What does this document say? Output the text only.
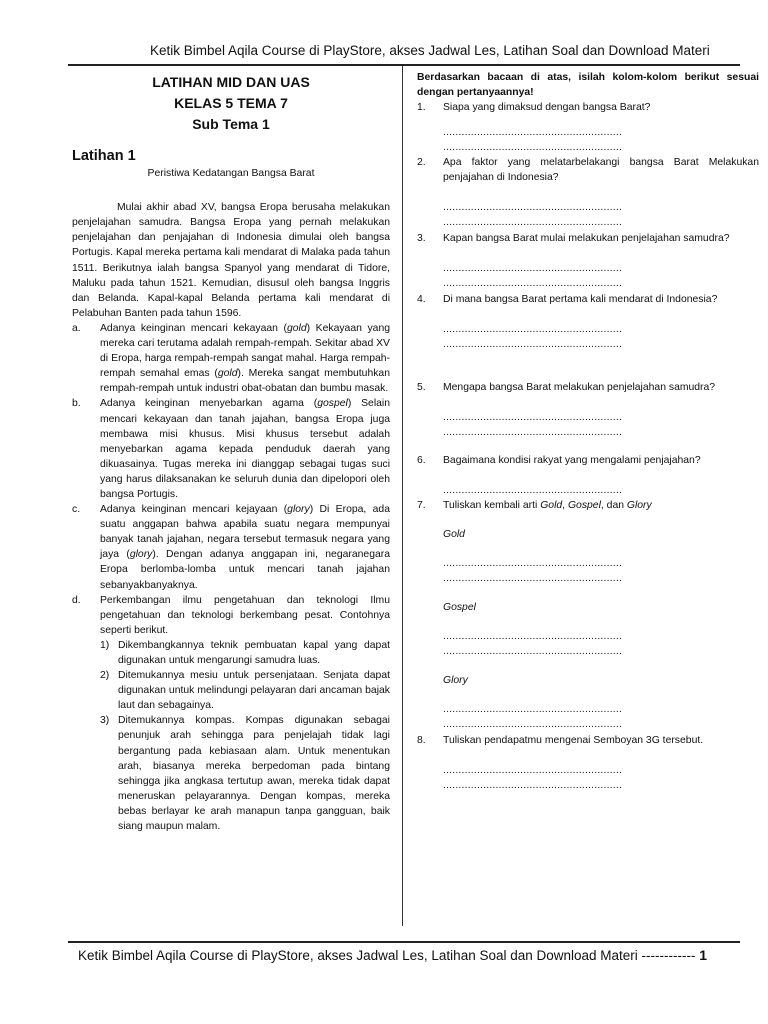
Ketik Bimbel Aqila Course di PlayStore, akses Jadwal Les, Latihan Soal dan Download Materi
LATIHAN MID DAN UAS
KELAS 5 TEMA 7
Sub Tema 1
Latihan 1
Peristiwa Kedatangan Bangsa Barat
Mulai akhir abad XV, bangsa Eropa berusaha melakukan penjelajahan samudra. Bangsa Eropa yang pernah melakukan penjelajahan dan penjajahan di Indonesia dimulai oleh bangsa Portugis. Kapal mereka pertama kali mendarat di Malaka pada tahun 1511. Berikutnya ialah bangsa Spanyol yang mendarat di Tidore, Maluku pada tahun 1521. Kemudian, disusul oleh bangsa Inggris dan Belanda. Kapal-kapal Belanda pertama kali mendarat di Pelabuhan Banten pada tahun 1596.
a.	Adanya keinginan mencari kekayaan (gold) Kekayaan yang mereka cari terutama adalah rempah-rempah. Sekitar abad XV di Eropa, harga rempah-rempah sangat mahal. Harga rempah-rempah semahal emas (gold). Mereka sangat membutuhkan rempah-rempah untuk industri obat-obatan dan bumbu masak.
b.	Adanya keinginan menyebarkan agama (gospel) Selain mencari kekayaan dan tanah jajahan, bangsa Eropa juga membawa misi khusus. Misi khusus tersebut adalah menyebarkan agama kepada penduduk daerah yang dikuasainya. Tugas mereka ini dianggap sebagai tugas suci yang harus dilaksanakan ke seluruh dunia dan dipelopori oleh bangsa Portugis.
c.	Adanya keinginan mencari kejayaan (glory) Di Eropa, ada suatu anggapan bahwa apabila suatu negara mempunyai banyak tanah jajahan, negara tersebut termasuk negara yang jaya (glory). Dengan adanya anggapan ini, negaranegara Eropa berlomba-lomba untuk mencari tanah jajahan sebanyakbanyaknya.
d.	Perkembangan ilmu pengetahuan dan teknologi Ilmu pengetahuan dan teknologi berkembang pesat. Contohnya seperti berikut.
1) Dikembangkannya teknik pembuatan kapal yang dapat digunakan untuk mengarungi samudra luas.
2) Ditemukannya mesiu untuk persenjataan. Senjata dapat digunakan untuk melindungi pelayaran dari ancaman bajak laut dan sebagainya.
3) Ditemukannya kompas. Kompas digunakan sebagai penunjuk arah sehingga para penjelajah tidak lagi bergantung pada kebiasaan alam. Untuk menentukan arah, biasanya mereka berpedoman pada bintang sehingga jika angkasa tertutup awan, mereka tidak dapat meneruskan pelayarannya. Dengan kompas, mereka bebas berlayar ke arah manapun tanpa gangguan, baik siang maupun malam.
Berdasarkan bacaan di atas, isilah kolom-kolom berikut sesuai dengan pertanyaannya!
1.	Siapa yang dimaksud dengan bangsa Barat?
..........................................................
..........................................................
2.	Apa faktor yang melatarbelakangi bangsa Barat Melakukan penjajahan di Indonesia?
..........................................................
..........................................................
3.	Kapan bangsa Barat mulai melakukan penjelajahan samudra?
..........................................................
..........................................................
4.	Di mana bangsa Barat pertama kali mendarat di Indonesia?
..........................................................
..........................................................
5.	Mengapa bangsa Barat melakukan penjelajahan samudra?
..........................................................
..........................................................
6.	Bagaimana kondisi rakyat yang mengalami penjajahan?
..........................................................
7.	Tuliskan kembali arti Gold, Gospel, dan Glory
Gold
..........................................................
..........................................................
Gospel
..........................................................
..........................................................
Glory
..........................................................
..........................................................
8.	Tuliskan pendapatmu mengenai Semboyan 3G tersebut.
..........................................................
..........................................................
Ketik Bimbel Aqila Course di PlayStore, akses Jadwal Les, Latihan Soal dan Download Materi ------------ 1
